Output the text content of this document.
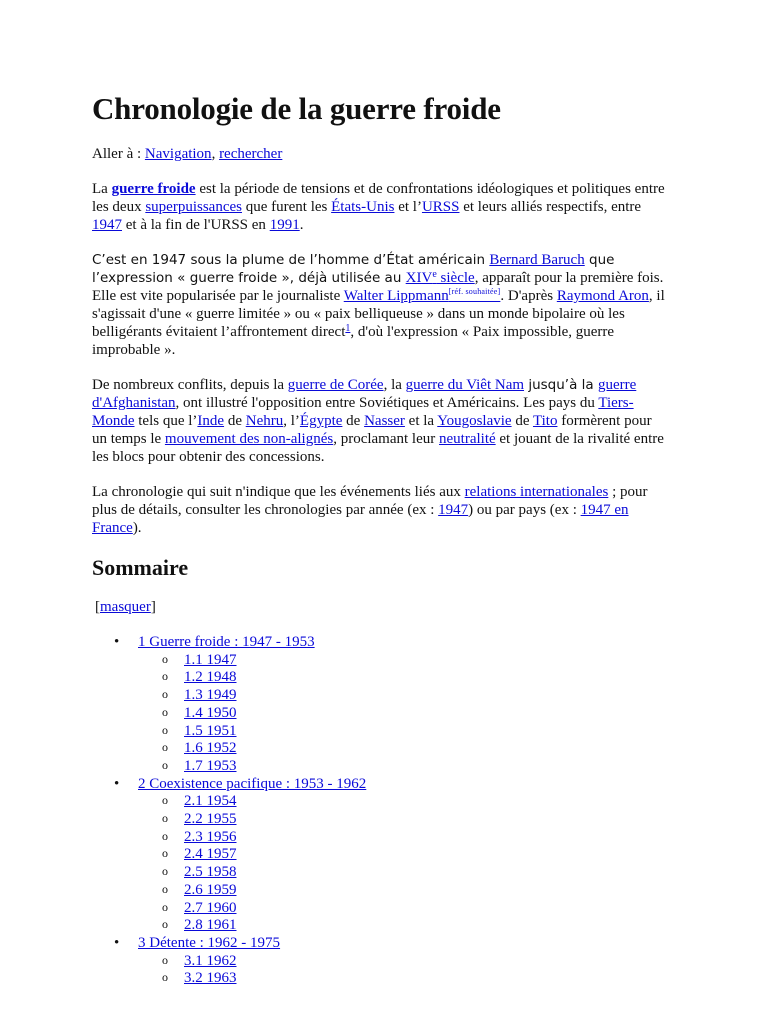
Chronologie de la guerre froide

Aller à : Navigation, rechercher

La guerre froide est la période de tensions et de confrontations idéologiques et politiques entre les deux superpuissances que furent les États-Unis et l’URSS et leurs alliés respectifs, entre 1947 et à la fin de l'URSS en 1991.

C’est en 1947 sous la plume de l’homme d’État américain Bernard Baruch que l’expression « guerre froide », déjà utilisée au XIVe siècle, apparaît pour la première fois. Elle est vite popularisée par le journaliste Walter Lippmann[réf. souhaitée]. D'après Raymond Aron, il s'agissait d'une « guerre limitée » ou « paix belliqueuse » dans un monde bipolaire où les belligérants évitaient l’affrontement direct$^1$, d'où l'expression « Paix impossible, guerre improbable ».

De nombreux conflits, depuis la guerre de Corée, la guerre du Viêt Nam jusqu’à la guerre d'Afghanistan, ont illustré l'opposition entre Soviétiques et Américains. Les pays du Tiers-Monde tels que l’Inde de Nehru, l’Égypte de Nasser et la Yougoslavie de Tito formèrent pour un temps le mouvement des non-alignés, proclamant leur neutralité et jouant de la rivalité entre les blocs pour obtenir des concessions.

La chronologie qui suit n'indique que les événements liés aux relations internationales ; pour plus de détails, consulter les chronologies par année (ex : 1947) ou par pays (ex : 1947 en France).

Sommaire
[masquer]
• 1 Guerre froide : 1947 - 1953
o 1.1 1947
o 1.2 1948
o 1.3 1949
o 1.4 1950
o 1.5 1951
o 1.6 1952
o 1.7 1953
• 2 Coexistence pacifique : 1953 - 1962
o 2.1 1954
o 2.2 1955
o 2.3 1956
o 2.4 1957
o 2.5 1958
o 2.6 1959
o 2.7 1960
o 2.8 1961
• 3 Détente : 1962 - 1975
o 3.1 1962
o 3.2 1963
